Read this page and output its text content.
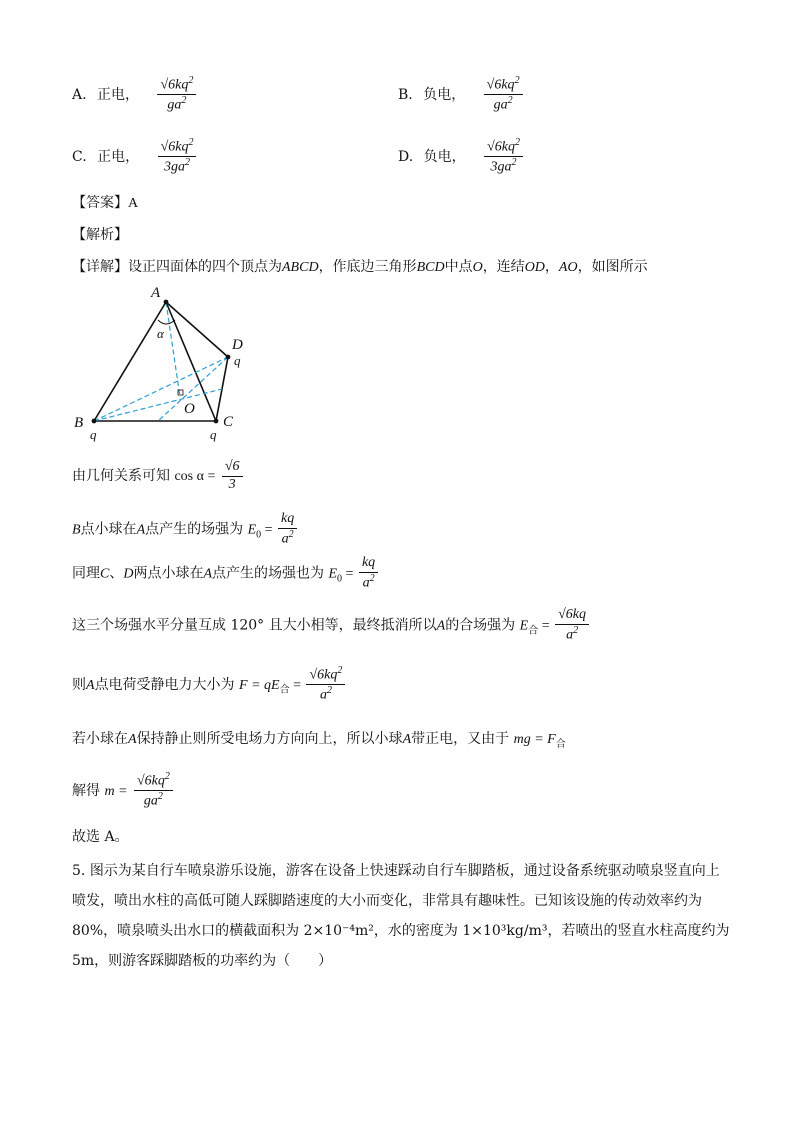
A. 正电， $\frac{√6kq^2}{ga^2}$	B. 负电， $\frac{√6kq^2}{ga^2}$
C. 正电， $\frac{√6kq^2}{3ga^2}$	D. 负电， $\frac{√6kq^2}{3ga^2}$
【答案】A
【解析】
【详解】设正四面体的四个顶点为ABCD，作底边三角形BCD中点O，连结OD，AO，如图所示
A
B	C
D
O
α
q	q
q
由几何关系可知 $\cos \alpha = \frac{√6}{3}$
B点小球在A点产生的场强为 $E_0 = \frac{kq}{a^2}$
同理C、D两点小球在A点产生的场强也为 $E_0 = \frac{kq}{a^2}$
这三个场强水平分量互成 120° 且大小相等，最终抵消所以A的合场强为 $E_合 = \frac{√6kq}{a^2}$
则A点电荷受静电力大小为 $F = qE_合 = \frac{√6kq^2}{a^2}$
若小球在A保持静止则所受电场力方向向上，所以小球A带正电，又由于 mg = $F_合$
解得 $m = \frac{√6kq^2}{ga^2}$
故选 A。
5. 图示为某自行车喷泉游乐设施，游客在设备上快速踩动自行车脚踏板，通过设备系统驱动喷泉竖直向上喷发，喷出水柱的高低可随人踩脚踏速度的大小而变化，非常具有趣味性。已知该设施的传动效率约为 80%，喷泉喷头出水口的横截面积为 2×10⁻⁴m²，水的密度为 1×10³kg/m³，若喷出的竖直水柱高度约为 5m，则游客踩脚踏板的功率约为（　　）
